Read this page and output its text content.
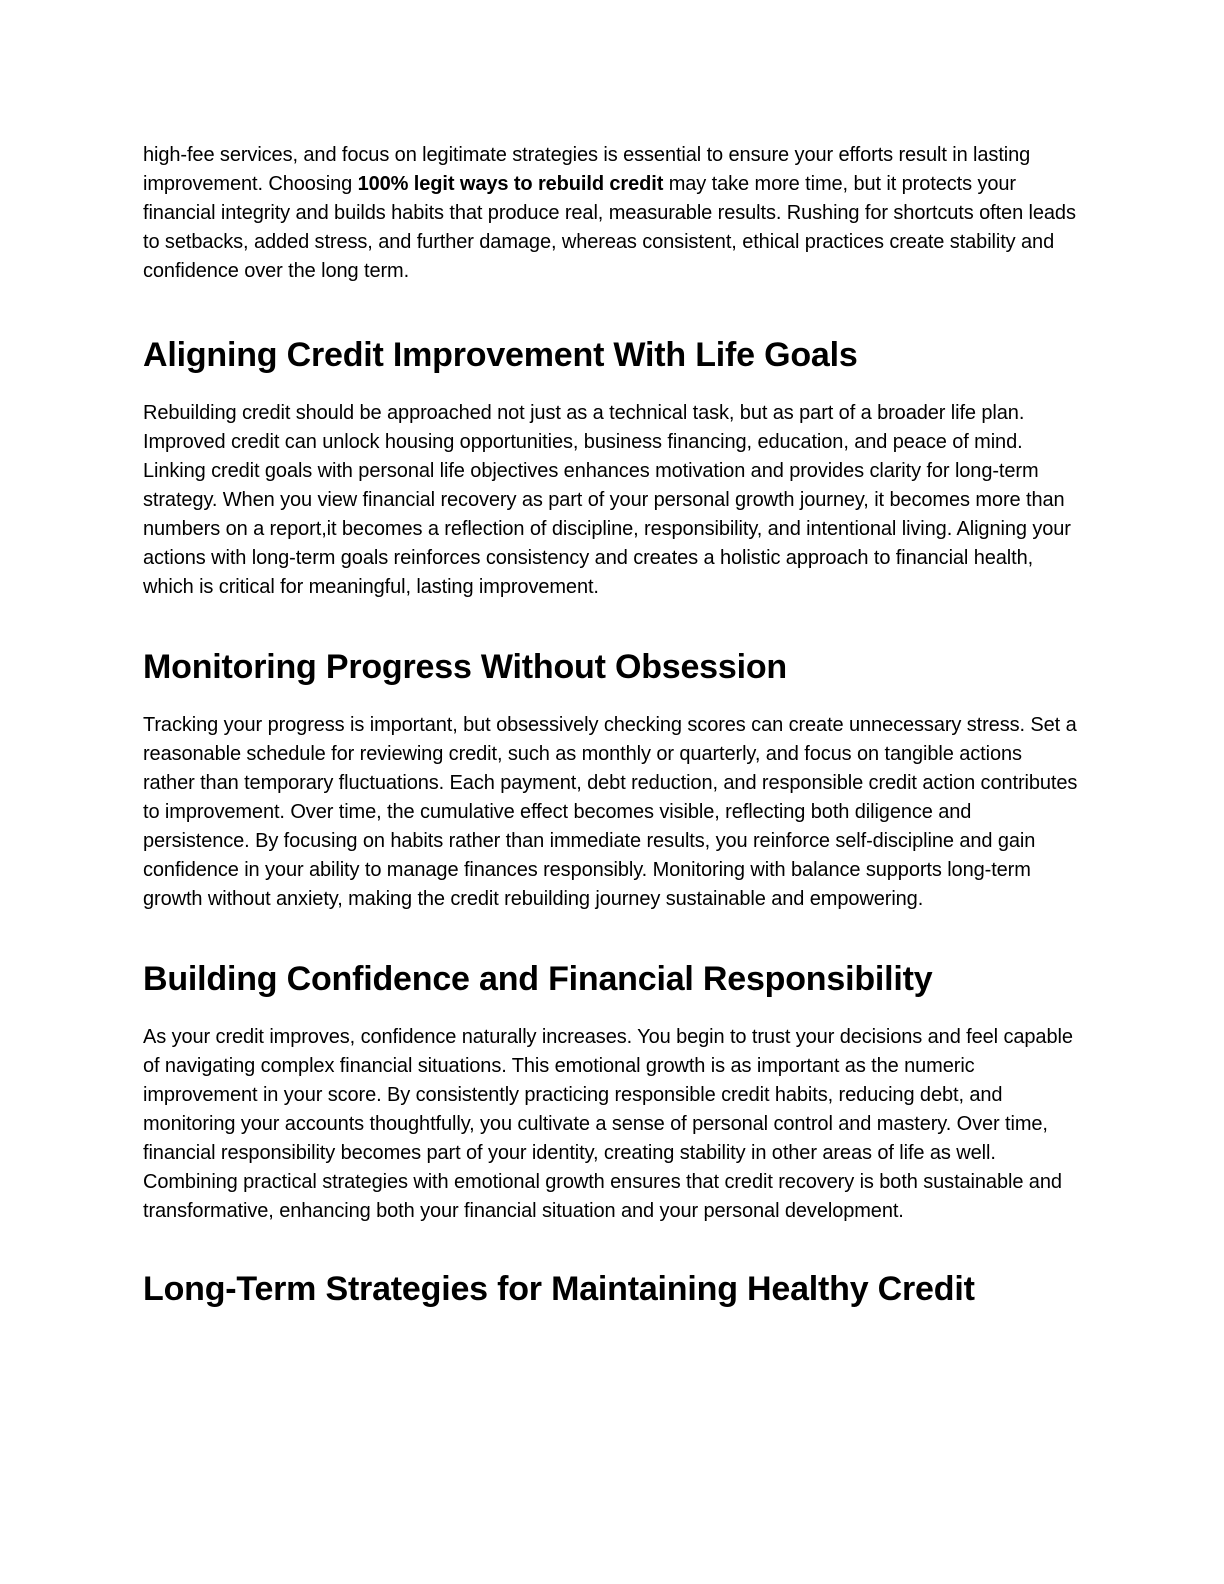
high-fee services, and focus on legitimate strategies is essential to ensure your efforts result in lasting improvement. Choosing 100% legit ways to rebuild credit may take more time, but it protects your financial integrity and builds habits that produce real, measurable results. Rushing for shortcuts often leads to setbacks, added stress, and further damage, whereas consistent, ethical practices create stability and confidence over the long term.

Aligning Credit Improvement With Life Goals

Rebuilding credit should be approached not just as a technical task, but as part of a broader life plan. Improved credit can unlock housing opportunities, business financing, education, and peace of mind. Linking credit goals with personal life objectives enhances motivation and provides clarity for long-term strategy. When you view financial recovery as part of your personal growth journey, it becomes more than numbers on a report,it becomes a reflection of discipline, responsibility, and intentional living. Aligning your actions with long-term goals reinforces consistency and creates a holistic approach to financial health, which is critical for meaningful, lasting improvement.

Monitoring Progress Without Obsession

Tracking your progress is important, but obsessively checking scores can create unnecessary stress. Set a reasonable schedule for reviewing credit, such as monthly or quarterly, and focus on tangible actions rather than temporary fluctuations. Each payment, debt reduction, and responsible credit action contributes to improvement. Over time, the cumulative effect becomes visible, reflecting both diligence and persistence. By focusing on habits rather than immediate results, you reinforce self-discipline and gain confidence in your ability to manage finances responsibly. Monitoring with balance supports long-term growth without anxiety, making the credit rebuilding journey sustainable and empowering.

Building Confidence and Financial Responsibility

As your credit improves, confidence naturally increases. You begin to trust your decisions and feel capable of navigating complex financial situations. This emotional growth is as important as the numeric improvement in your score. By consistently practicing responsible credit habits, reducing debt, and monitoring your accounts thoughtfully, you cultivate a sense of personal control and mastery. Over time, financial responsibility becomes part of your identity, creating stability in other areas of life as well. Combining practical strategies with emotional growth ensures that credit recovery is both sustainable and transformative, enhancing both your financial situation and your personal development.

Long-Term Strategies for Maintaining Healthy Credit
